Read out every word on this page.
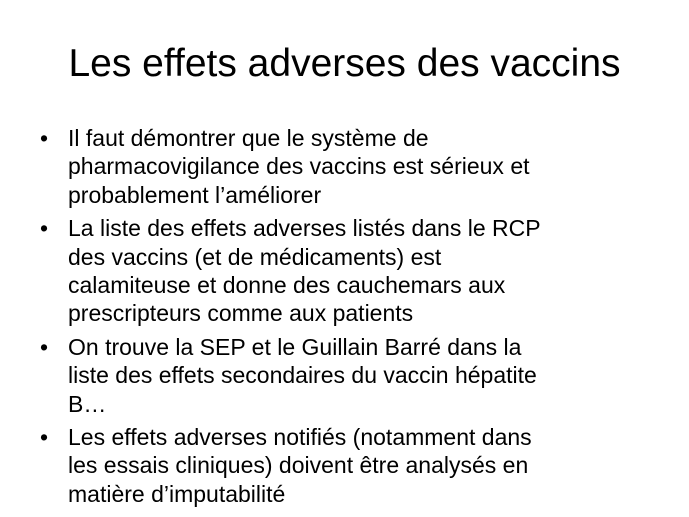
Les effets adverses des vaccins
• Il faut démontrer que le système de
pharmacovigilance des vaccins est sérieux et
probablement l’améliorer
• La liste des effets adverses listés dans le RCP
des vaccins (et de médicaments) est
calamiteuse et donne des cauchemars aux
prescripteurs comme aux patients
• On trouve la SEP et le Guillain Barré dans la
liste des effets secondaires du vaccin hépatite
B…
• Les effets adverses notifiés (notamment dans
les essais cliniques) doivent être analysés en
matière d’imputabilité
